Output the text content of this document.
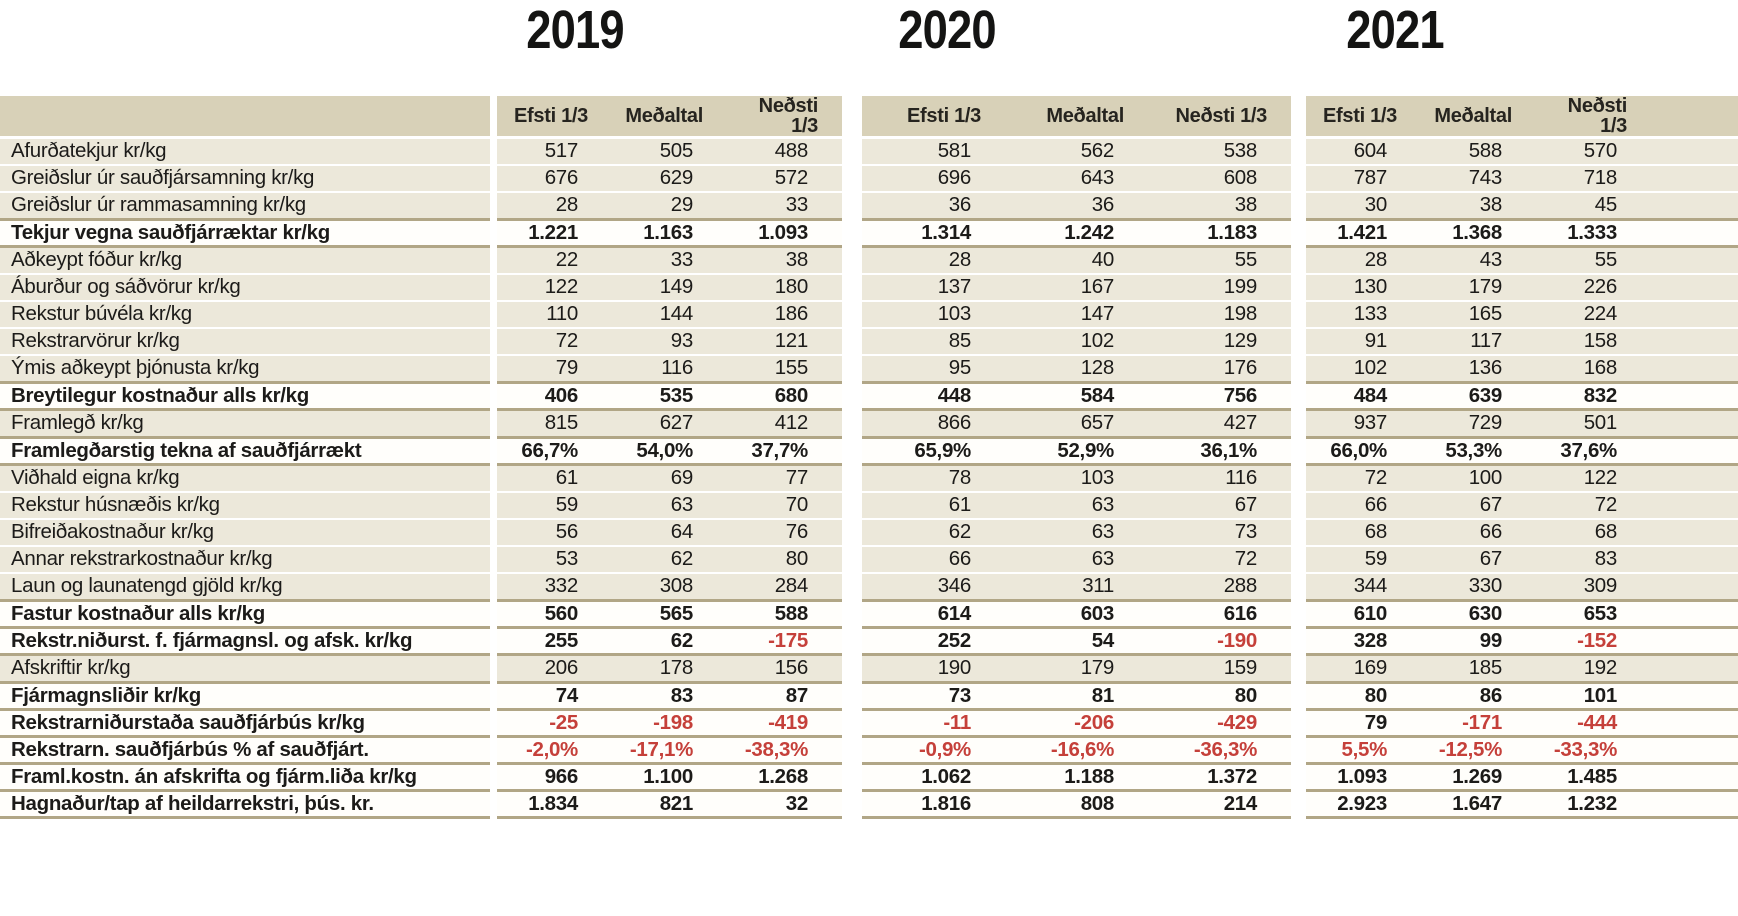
2019	2020	2021
		Efsti 1/3	Meðaltal	Neðsti 1/3		Efsti 1/3	Meðaltal	Neðsti 1/3		Efsti 1/3	Meðaltal	Neðsti 1/3	
Afurðatekjur kr/kg		517	505	488		581	562	538		604	588	570	
Greiðslur úr sauðfjársamning kr/kg		676	629	572		696	643	608		787	743	718	
Greiðslur úr rammasamning kr/kg		28	29	33		36	36	38		30	38	45	
Tekjur vegna sauðfjárræktar kr/kg		1.221	1.163	1.093		1.314	1.242	1.183		1.421	1.368	1.333	
Aðkeypt fóður kr/kg		22	33	38		28	40	55		28	43	55	
Áburður og sáðvörur kr/kg		122	149	180		137	167	199		130	179	226	
Rekstur búvéla kr/kg		110	144	186		103	147	198		133	165	224	
Rekstrarvörur kr/kg		72	93	121		85	102	129		91	117	158	
Ýmis aðkeypt þjónusta kr/kg		79	116	155		95	128	176		102	136	168	
Breytilegur kostnaður alls kr/kg		406	535	680		448	584	756		484	639	832	
Framlegð kr/kg		815	627	412		866	657	427		937	729	501	
Framlegðarstig tekna af sauðfjárrækt		66,7%	54,0%	37,7%		65,9%	52,9%	36,1%		66,0%	53,3%	37,6%	
Viðhald eigna kr/kg		61	69	77		78	103	116		72	100	122	
Rekstur húsnæðis kr/kg		59	63	70		61	63	67		66	67	72	
Bifreiðakostnaður kr/kg		56	64	76		62	63	73		68	66	68	
Annar rekstrarkostnaður kr/kg		53	62	80		66	63	72		59	67	83	
Laun og launatengd gjöld kr/kg		332	308	284		346	311	288		344	330	309	
Fastur kostnaður alls kr/kg		560	565	588		614	603	616		610	630	653	
Rekstr.niðurst. f. fjármagnsl. og afsk. kr/kg		255	62	-175		252	54	-190		328	99	-152	
Afskriftir kr/kg		206	178	156		190	179	159		169	185	192	
Fjármagnsliðir kr/kg		74	83	87		73	81	80		80	86	101	
Rekstrarniðurstaða sauðfjárbús kr/kg		-25	-198	-419		-11	-206	-429		79	-171	-444	
Rekstrarn. sauðfjárbús % af sauðfjárt.		-2,0%	-17,1%	-38,3%		-0,9%	-16,6%	-36,3%		5,5%	-12,5%	-33,3%	
Framl.kostn. án afskrifta og fjárm.liða kr/kg		966	1.100	1.268		1.062	1.188	1.372		1.093	1.269	1.485	
Hagnaður/tap af heildarrekstri, þús. kr.		1.834	821	32		1.816	808	214		2.923	1.647	1.232	
